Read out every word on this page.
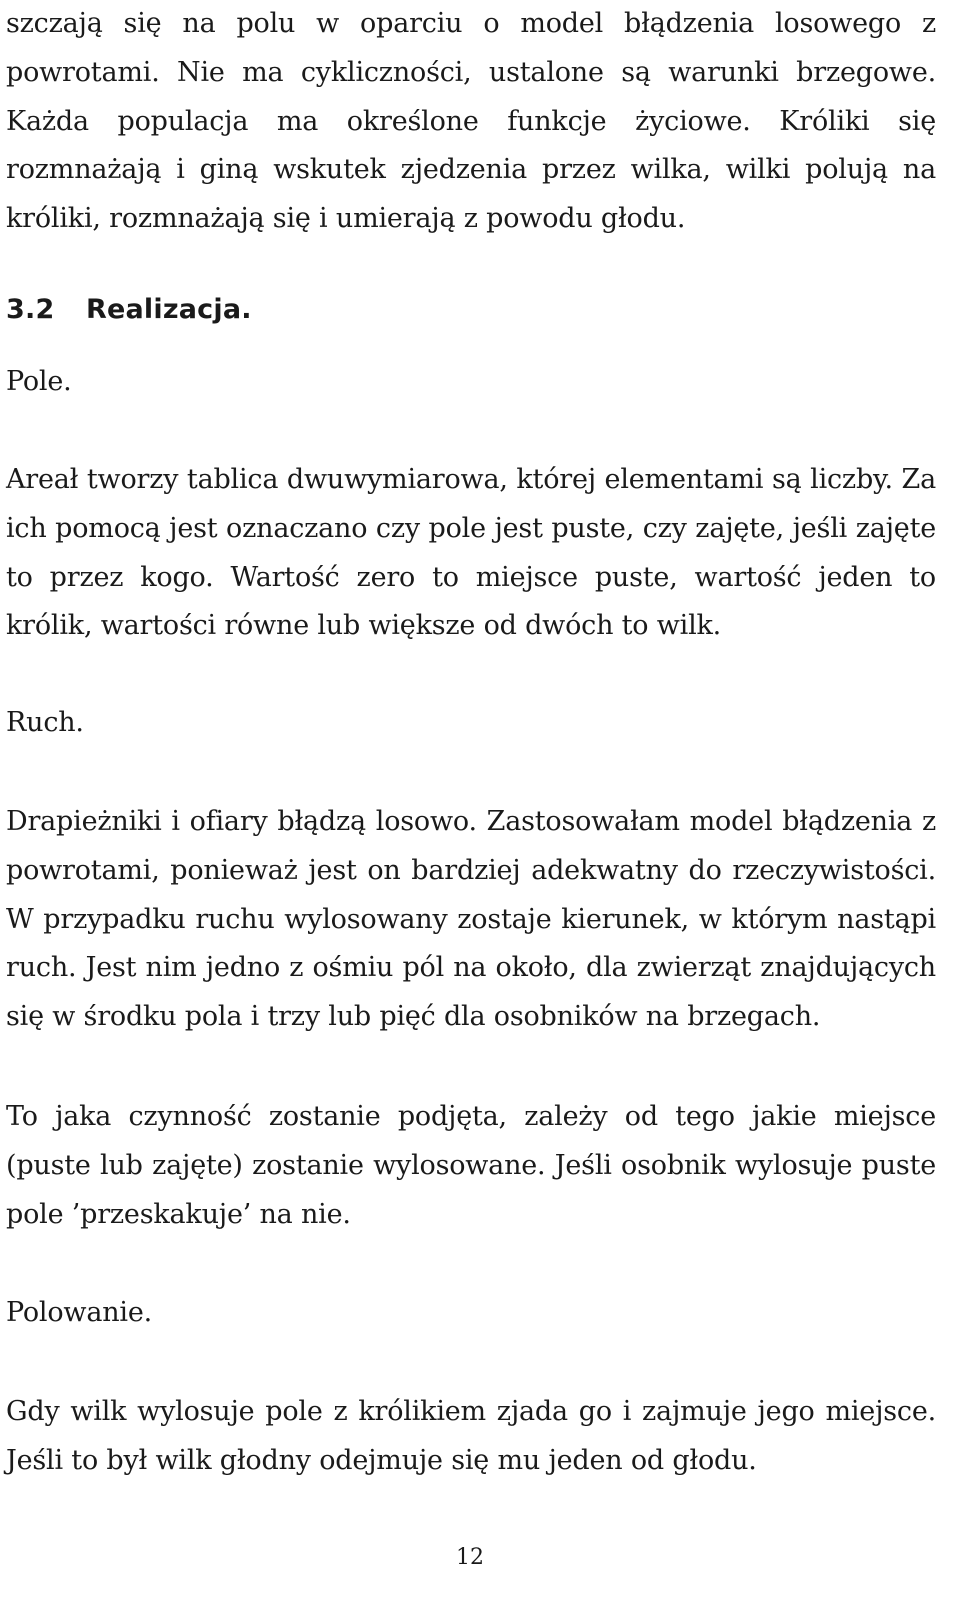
szczają się na polu w oparciu o model błądzenia losowego z powrotami. Nie ma cykliczności, ustalone są warunki brzegowe. Każda populacja ma określone funkcje życiowe. Króliki się rozmnażają i giną wskutek zjedzenia przez wilka, wilki polują na króliki, rozmnażają się i umierają z powodu głodu.

3.2 Realizacja.
Pole.

Areał tworzy tablica dwuwymiarowa, której elementami są liczby. Za ich pomocą jest oznaczano czy pole jest puste, czy zajęte, jeśli zajęte to przez kogo. Wartość zero to miejsce puste, wartość jeden to królik, wartości równe lub większe od dwóch to wilk.

Ruch.

Drapieżniki i ofiary błądzą losowo. Zastosowałam model błądzenia z powrotami, ponieważ jest on bardziej adekwatny do rzeczywistości. W przypadku ruchu wylosowany zostaje kierunek, w którym nastąpi ruch. Jest nim jedno z ośmiu pól na około, dla zwierząt znajdujących się w środku pola i trzy lub pięć dla osobników na brzegach.

To jaka czynność zostanie podjęta, zależy od tego jakie miejsce (puste lub zajęte) zostanie wylosowane. Jeśli osobnik wylosuje puste pole ’przeskakuje’ na nie.

Polowanie.

Gdy wilk wylosuje pole z królikiem zjada go i zajmuje jego miejsce. Jeśli to był wilk głodny odejmuje się mu jeden od głodu.

12
